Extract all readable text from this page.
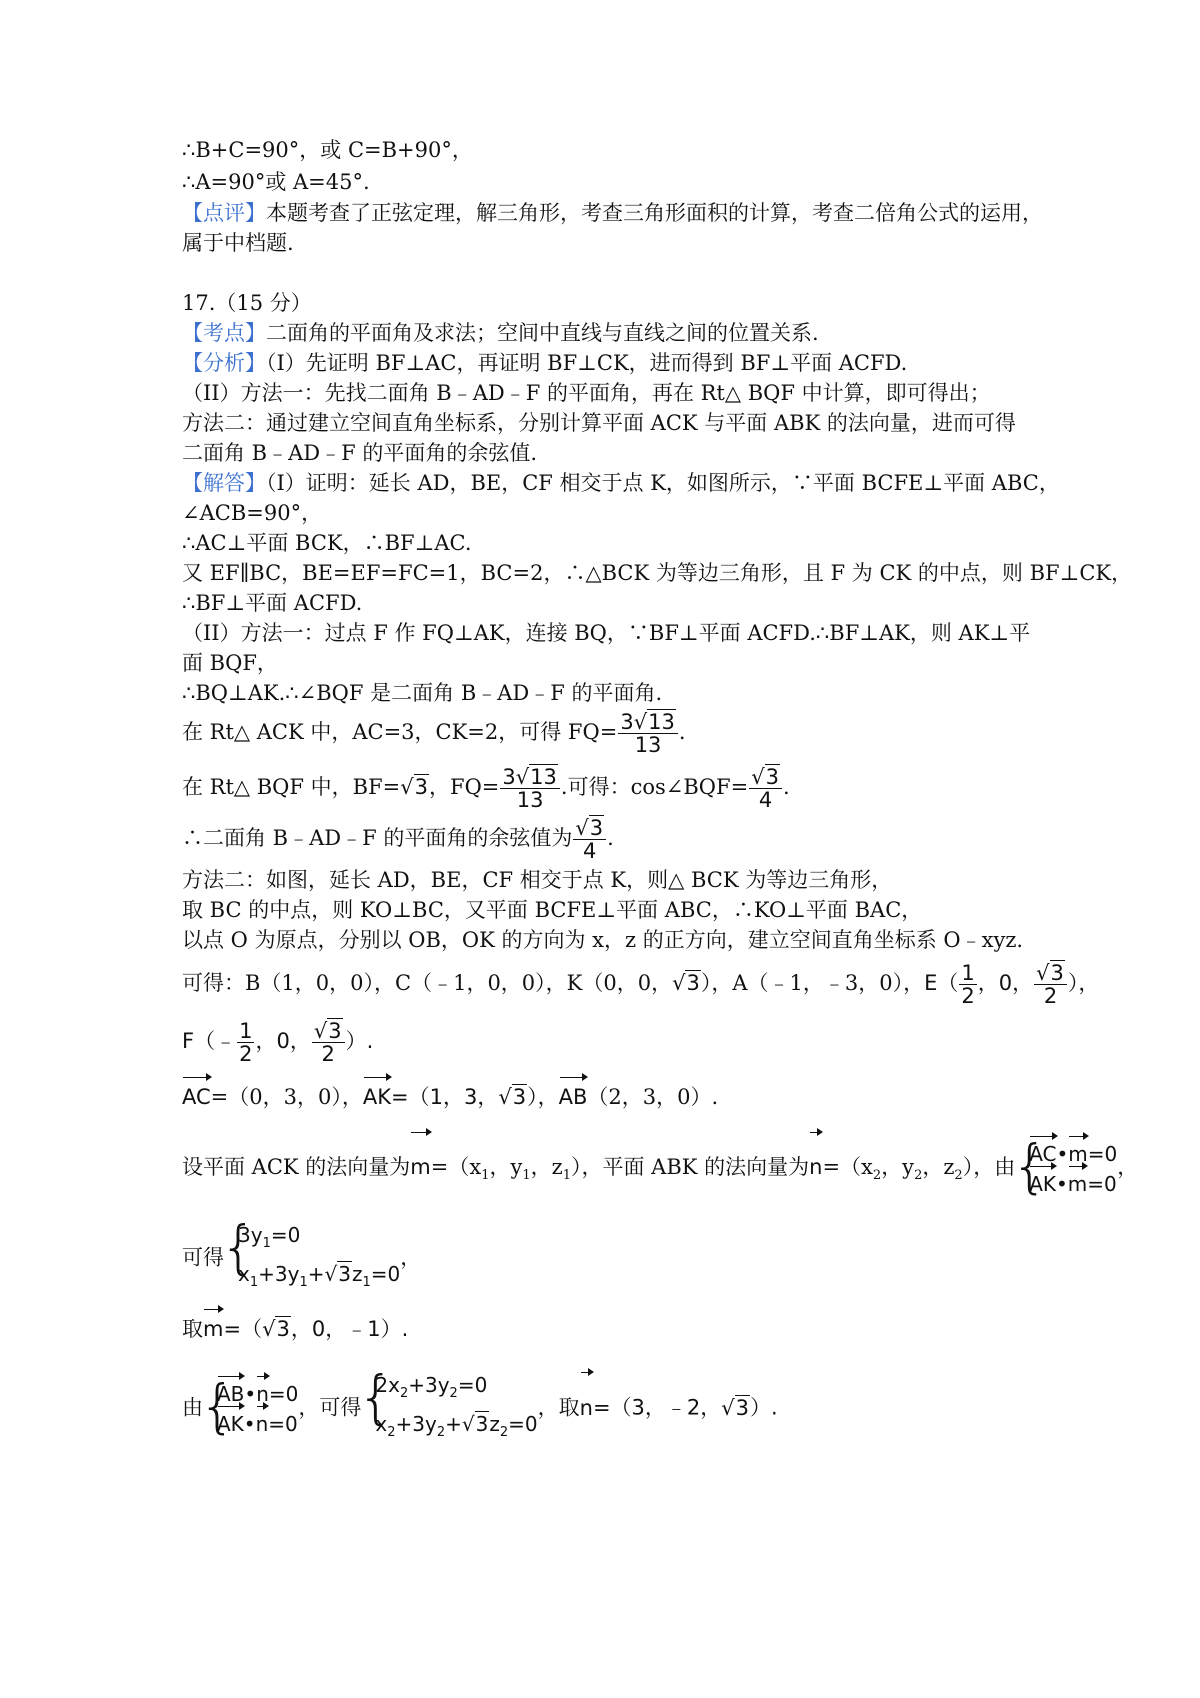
∴B+C=90°，或 C=B+90°，
∴A=90°或 A=45°.
【点评】本题考查了正弦定理，解三角形，考查三角形面积的计算，考查二倍角公式的运用，
属于中档题.
17.（15 分）
【考点】二面角的平面角及求法；空间中直线与直线之间的位置关系.
【分析】（I）先证明 BF⊥AC，再证明 BF⊥CK，进而得到 BF⊥平面 ACFD.
（II）方法一：先找二面角 B﹣AD﹣F 的平面角，再在 Rt△ BQF 中计算，即可得出；
方法二：通过建立空间直角坐标系，分别计算平面 ACK 与平面 ABK 的法向量，进而可得
二面角 B﹣AD﹣F 的平面角的余弦值.
【解答】（I）证明：延长 AD，BE，CF 相交于点 K，如图所示，∵平面 BCFE⊥平面 ABC，
∠ACB=90°，
∴AC⊥平面 BCK，∴BF⊥AC.
又 EF∥BC，BE=EF=FC=1，BC=2，∴△BCK 为等边三角形，且 F 为 CK 的中点，则 BF⊥CK，
∴BF⊥平面 ACFD.
（II）方法一：过点 F 作 FQ⊥AK，连接 BQ，∵BF⊥平面 ACFD.∴BF⊥AK，则 AK⊥平
面 BQF，
∴BQ⊥AK.∴∠BQF 是二面角 B﹣AD﹣F 的平面角.
在 Rt△ ACK 中，AC=3，CK=2，可得 $FQ= \frac{3√13}{13}$ .
在 Rt△ BQF 中，BF=√3，$FQ= \frac{3√13}{13}$ .可得：cos∠BQF= $\frac{√3}{4}$ .
∴二面角 B﹣AD﹣F 的平面角的余弦值为 $\frac{√3}{4}$ .
方法二：如图，延长 AD，BE，CF 相交于点 K，则△ BCK 为等边三角形，
取 BC 的中点，则 KO⊥BC，又平面 BCFE⊥平面 ABC，∴KO⊥平面 BAC，
以点 O 为原点，分别以 OB，OK 的方向为 x，z 的正方向，建立空间直角坐标系 O﹣xyz.
可得：B（1，0，0），C（﹣1，0，0），K（0，0，√3），A（﹣1，﹣3，0），$E( \frac{1}{2}$ ，0， $\frac{√3}{2}$ ），
F（﹣ $\frac{1}{2}$ ，0， $\frac{√3}{2}$ ）.
AC=（0，3，0），AK=（1，3，√3），AB（2，3，0）.
设平面 ACK 的法向量为$m=(x_1$，$y_1$，$z_1$），平面 ABK 的法向量为$n=(x_2$，$y_2$，$z_2$），由
{ AC•m=0
AK•m=0
，
可得
{ $3y_1=0$
$x_1+3y_1+√3z_1=0$
，
取m=（√3，0，﹣1）.
由
{ AB•n=0
AK•n=0
，可得
{ $2x_2+3y_2=0$
$x_2+3y_2+√3z_2=0$
，取n=（3，﹣2，√3）.
